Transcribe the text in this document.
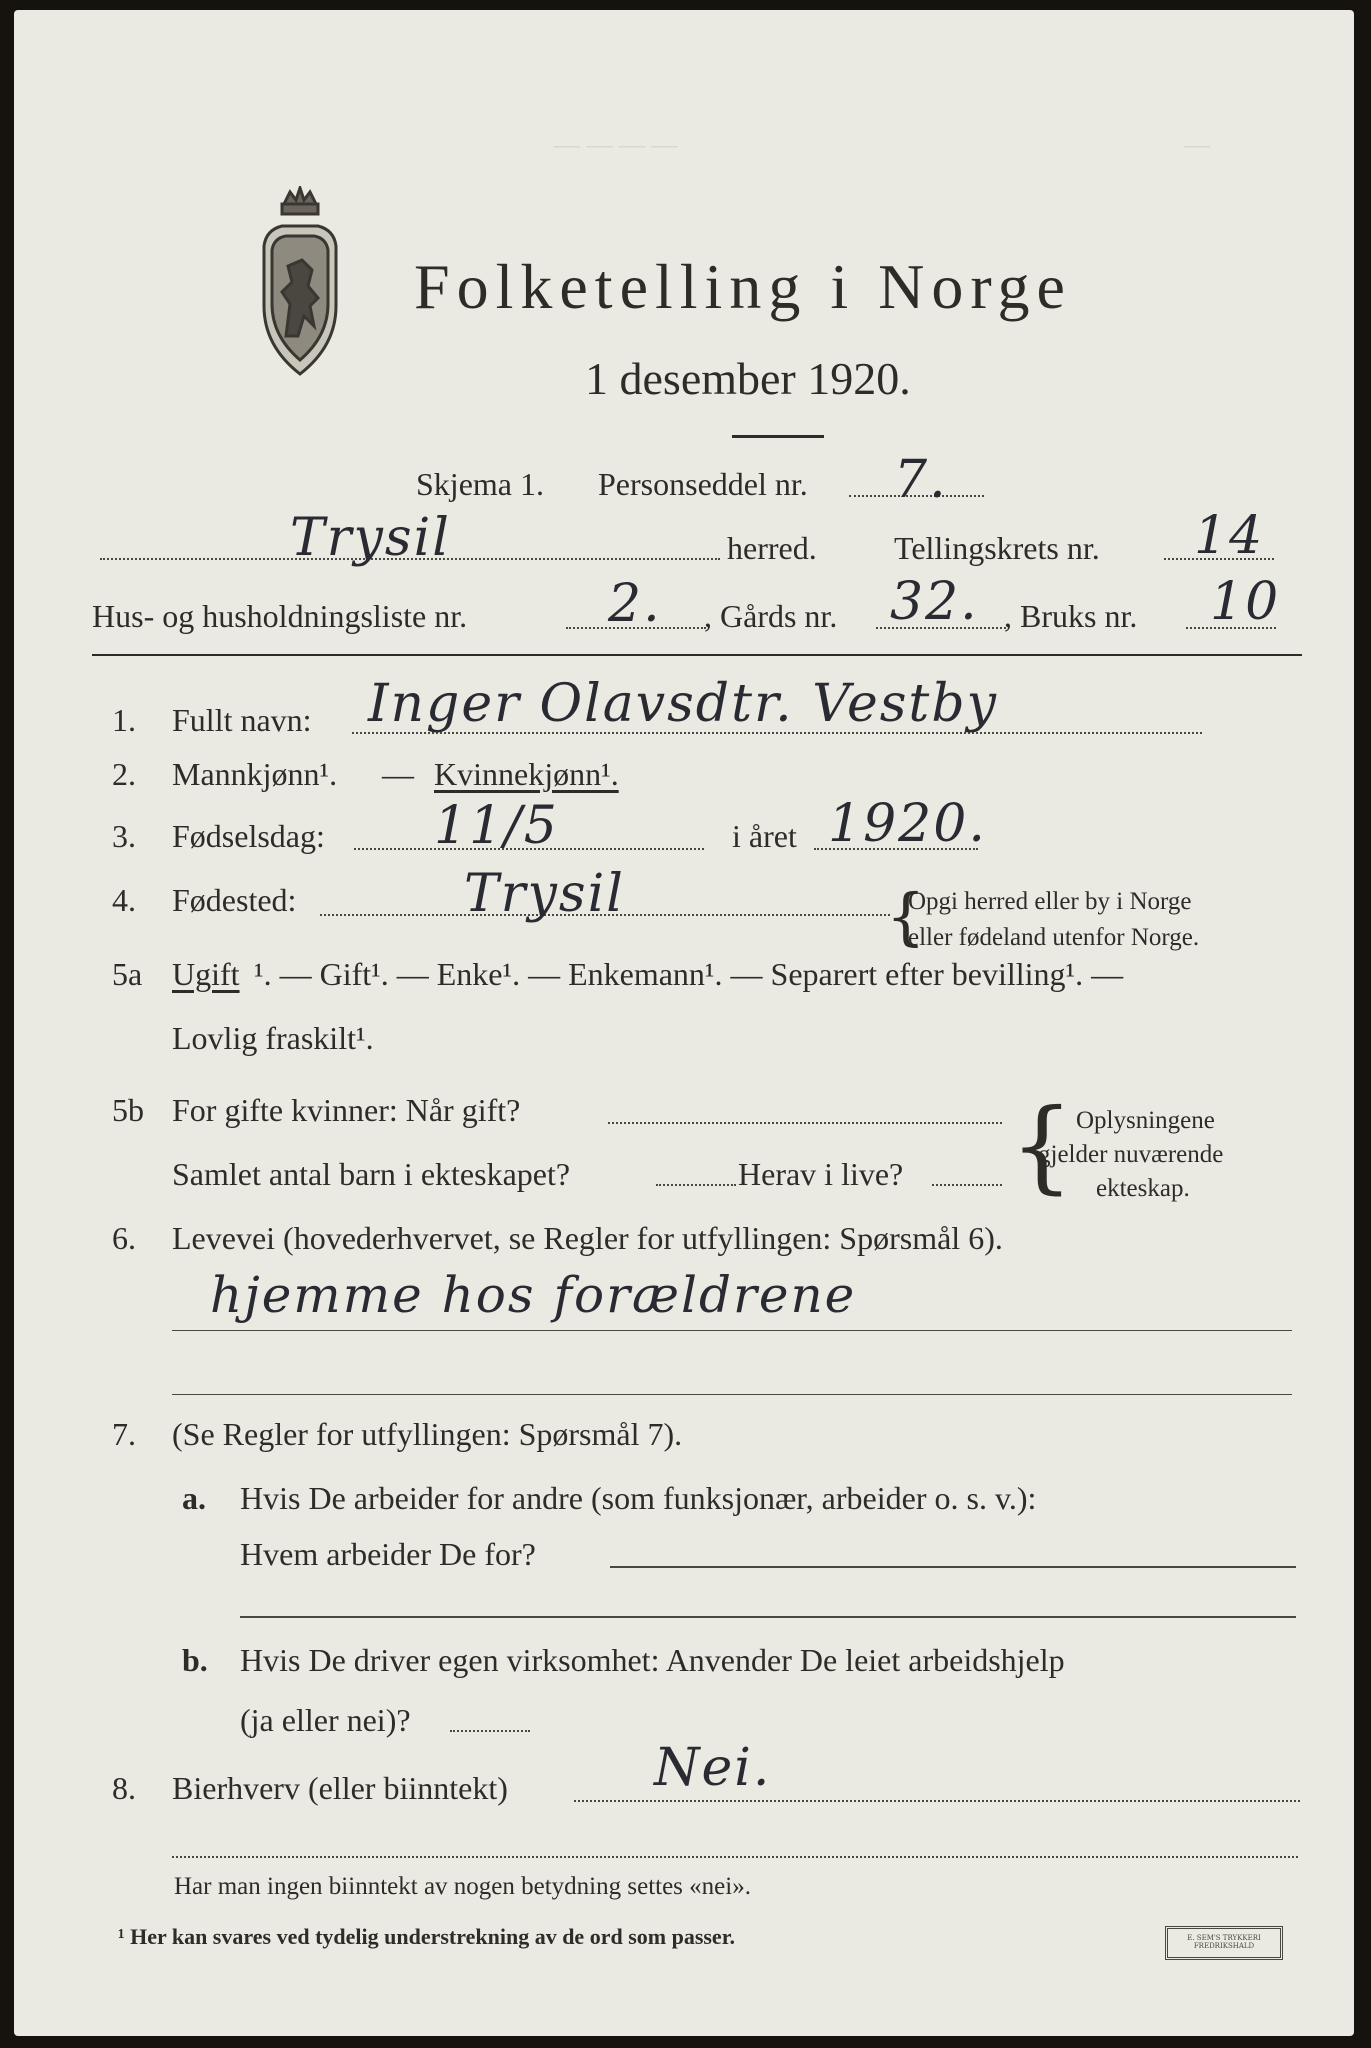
— — — —	—
Folketelling i Norge
1 desember 1920.
Skjema 1. Personseddel nr. 7.
Trysil	herred. Tellingskrets nr. 14
Hus- og husholdningsliste nr.	2. , Gårds nr. 32. , Bruks nr. 10
1. Fullt navn: Inger Olavsdtr. Vestby
2. Mannkjønn¹. — Kvinnekjønn¹.
3. Fødselsdag: 11/5	i året 1920.
4. Fødested:	Trysil	{
Opgi herred eller by i Norge
eller fødeland utenfor Norge.
5a Ugift ¹. — Gift¹. — Enke¹. — Enkemann¹. — Separert efter bevilling¹. —
Lovlig fraskilt¹.
5b For gifte kvinner: Når gift?
Samlet antal barn i ekteskapet?	Herav i live? { Oplysningene
gjelder nuværende
ekteskap.
6. Levevei (hovederhvervet, se Regler for utfyllingen: Spørsmål 6).
hjemme hos forældrene
7. (Se Regler for utfyllingen: Spørsmål 7).
a. Hvis De arbeider for andre (som funksjonær, arbeider o. s. v.):
Hvem arbeider De for?
b. Hvis De driver egen virksomhet: Anvender De leiet arbeidshjelp
(ja eller nei)?
8. Bierhverv (eller biinntekt)	Nei.
Har man ingen biinntekt av nogen betydning settes «nei».
¹ Her kan svares ved tydelig understrekning av de ord som passer.	E. SEM'S TRYKKERI
FREDRIKSHALD
